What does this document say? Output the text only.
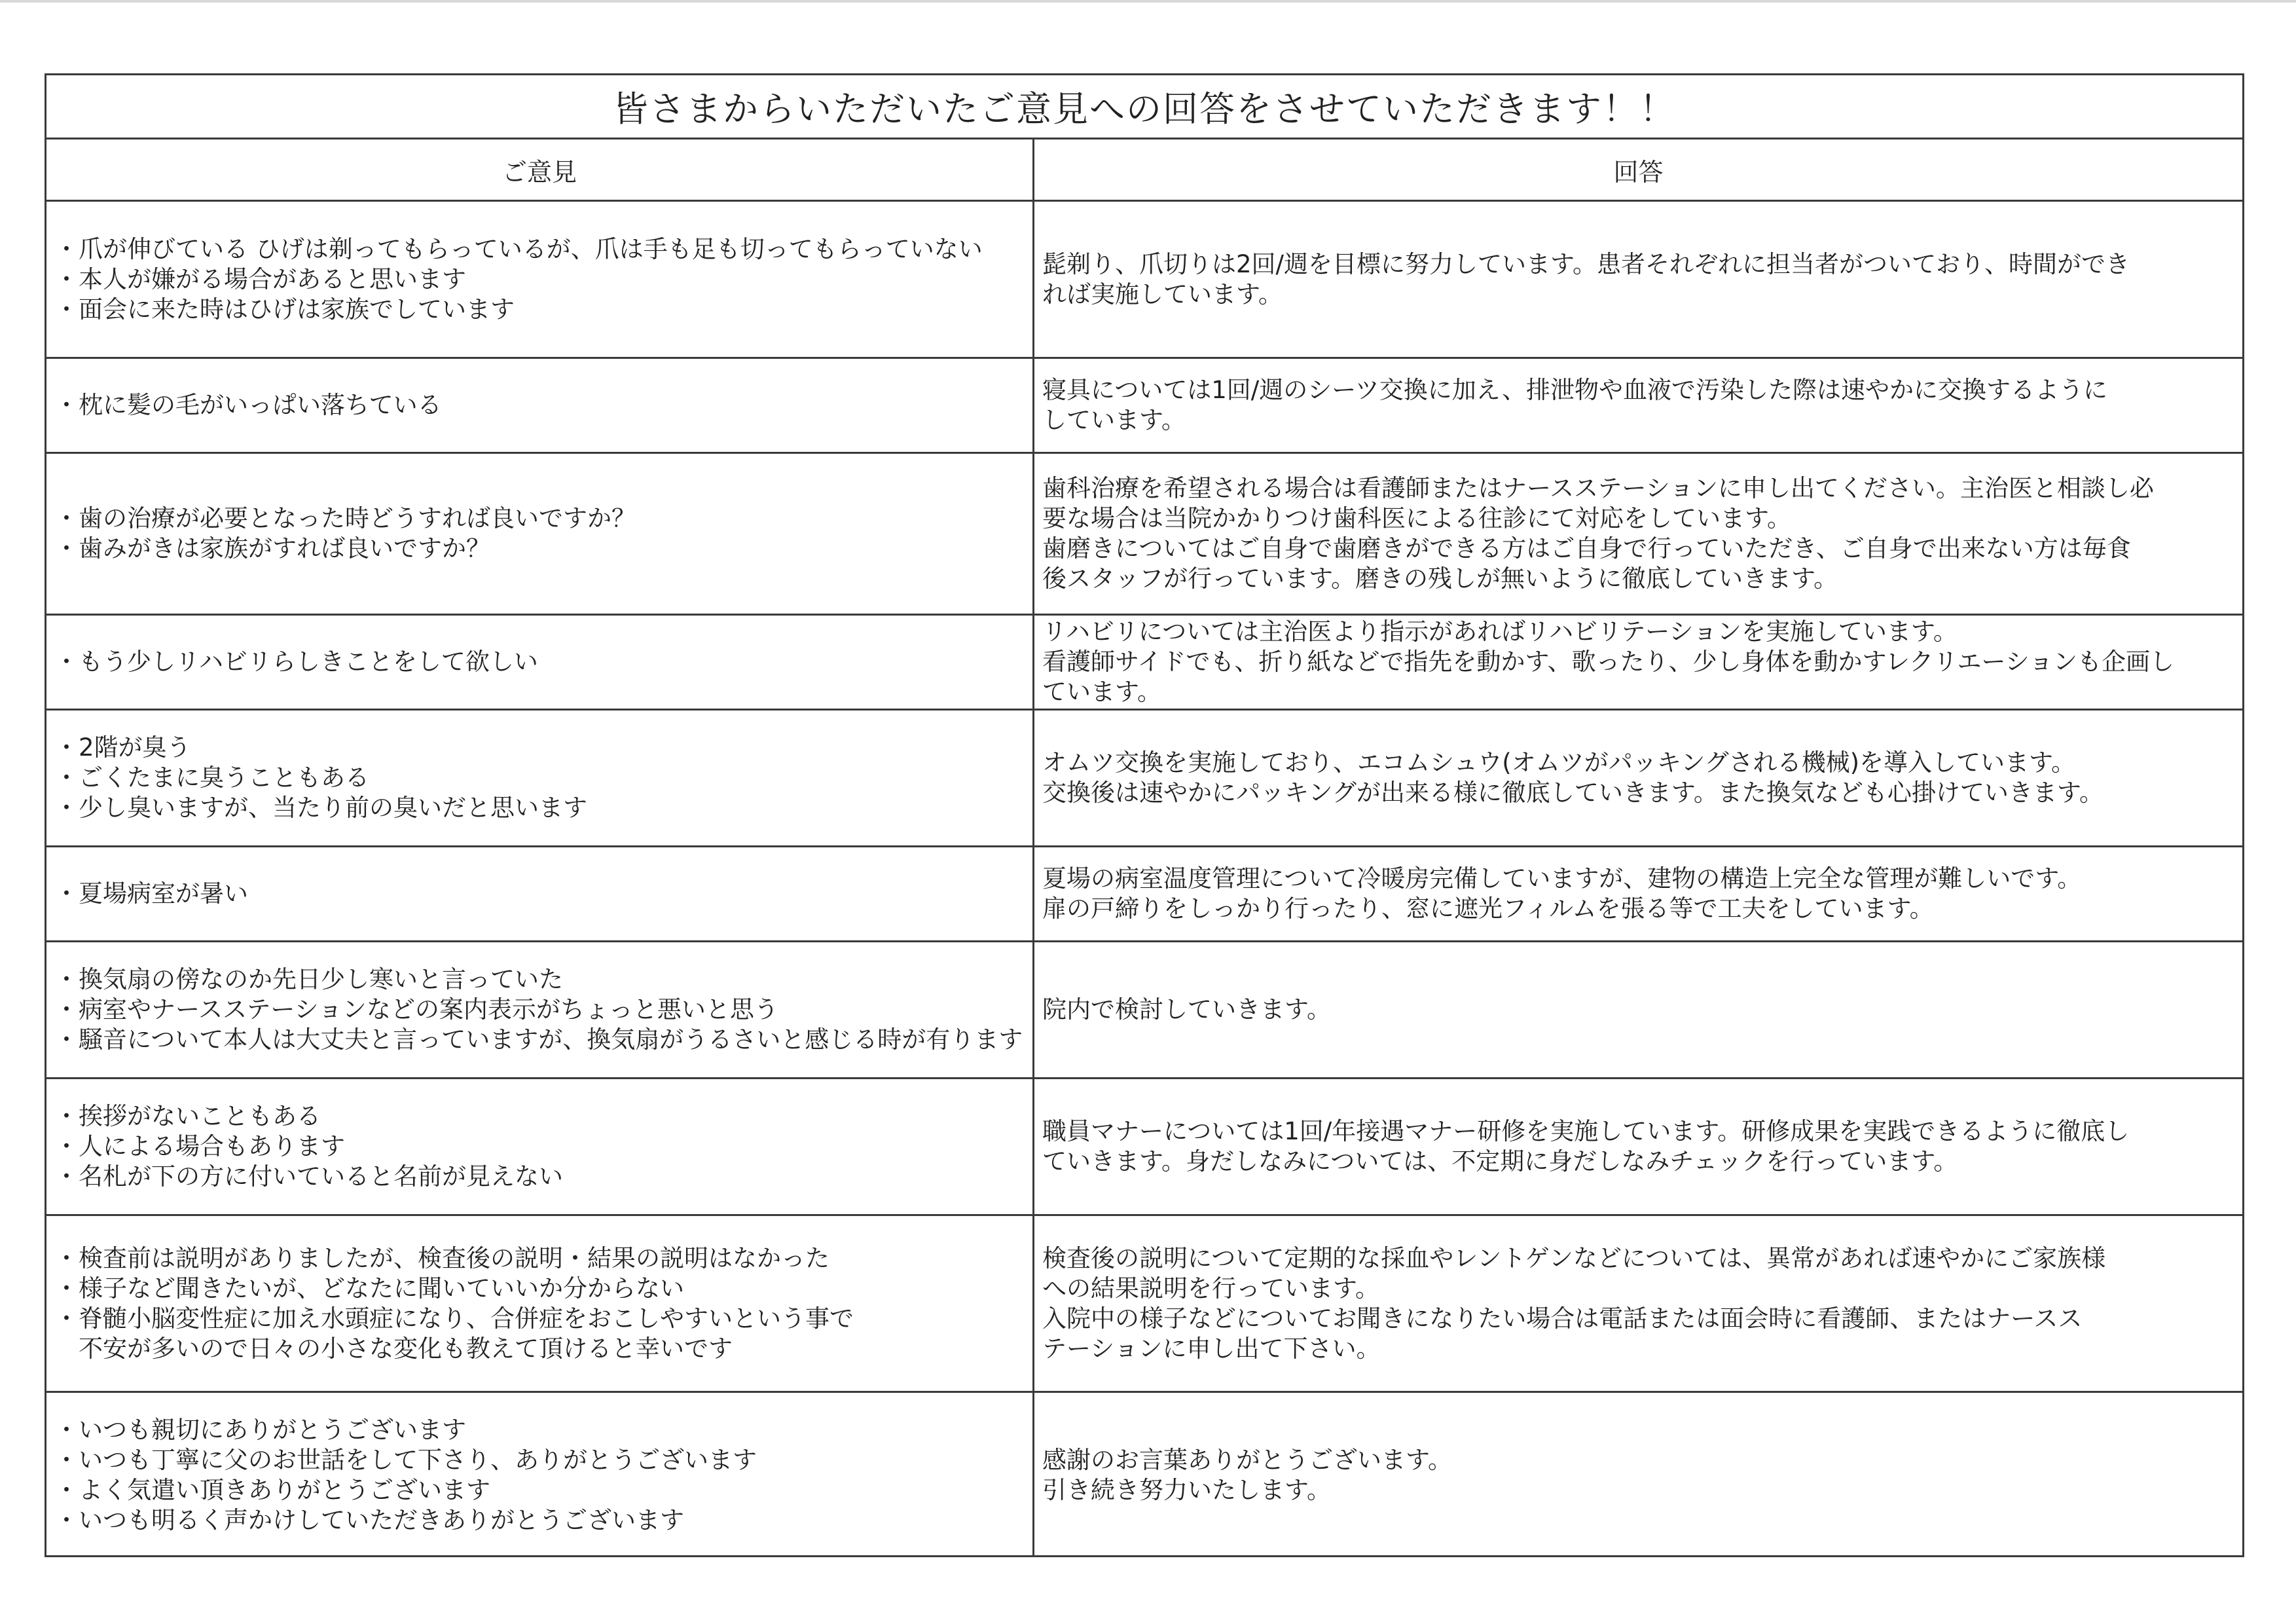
皆さまからいただいたご意見への回答をさせていただきます！！
ご意見	回答
・爪が伸びている ひげは剃ってもらっているが、爪は手も足も切ってもらっていない
・本人が嫌がる場合があると思います
・面会に来た時はひげは家族でしています
髭剃り、爪切りは2回/週を目標に努力しています。患者それぞれに担当者がついており、時間ができ
れば実施しています。
・枕に髪の毛がいっぱい落ちている
寝具については1回/週のシーツ交換に加え、排泄物や血液で汚染した際は速やかに交換するように
しています。
・歯の治療が必要となった時どうすれば良いですか？
・歯みがきは家族がすれば良いですか？
歯科治療を希望される場合は看護師またはナースステーションに申し出てください。主治医と相談し必
要な場合は当院かかりつけ歯科医による往診にて対応をしています。
歯磨きについてはご自身で歯磨きができる方はご自身で行っていただき、ご自身で出来ない方は毎食
後スタッフが行っています。磨きの残しが無いように徹底していきます。
・もう少しリハビリらしきことをして欲しい
リハビリについては主治医より指示があればリハビリテーションを実施しています。
看護師サイドでも、折り紙などで指先を動かす、歌ったり、少し身体を動かすレクリエーションも企画し
ています。
・2階が臭う
・ごくたまに臭うこともある
・少し臭いますが、当たり前の臭いだと思います
オムツ交換を実施しており、エコムシュウ(オムツがパッキングされる機械)を導入しています。
交換後は速やかにパッキングが出来る様に徹底していきます。また換気なども心掛けていきます。
・夏場病室が暑い
夏場の病室温度管理について冷暖房完備していますが、建物の構造上完全な管理が難しいです。
扉の戸締りをしっかり行ったり、窓に遮光フィルムを張る等で工夫をしています。
・換気扇の傍なのか先日少し寒いと言っていた
・病室やナースステーションなどの案内表示がちょっと悪いと思う
・騒音について本人は大丈夫と言っていますが、換気扇がうるさいと感じる時が有ります
院内で検討していきます。
・挨拶がないこともある
・人による場合もあります
・名札が下の方に付いていると名前が見えない
職員マナーについては1回/年接遇マナー研修を実施しています。研修成果を実践できるように徹底し
ていきます。身だしなみについては、不定期に身だしなみチェックを行っています。
・検査前は説明がありましたが、検査後の説明・結果の説明はなかった
・様子など聞きたいが、どなたに聞いていいか分からない
・脊髄小脳変性症に加え水頭症になり、合併症をおこしやすいという事で
　不安が多いので日々の小さな変化も教えて頂けると幸いです
検査後の説明について定期的な採血やレントゲンなどについては、異常があれば速やかにご家族様
への結果説明を行っています。
入院中の様子などについてお聞きになりたい場合は電話または面会時に看護師、またはナースス
テーションに申し出て下さい。
・いつも親切にありがとうございます
・いつも丁寧に父のお世話をして下さり、ありがとうございます
・よく気遣い頂きありがとうございます
・いつも明るく声かけしていただきありがとうございます
感謝のお言葉ありがとうございます。
引き続き努力いたします。
